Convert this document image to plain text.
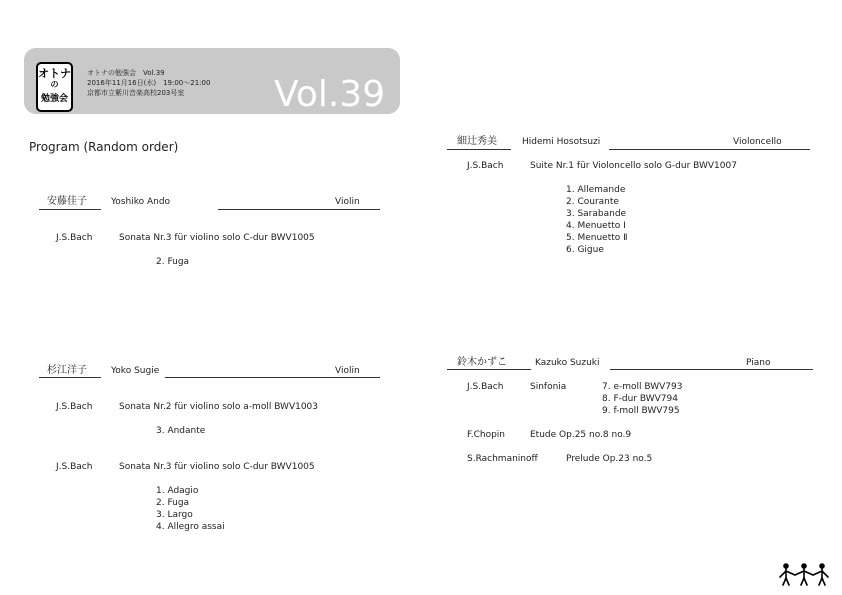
オトナ
の
勉強会
オトナの勉強会　Vol.39
2016年11月16日(水)　19:00～21:00
京都市立紫川音楽高校203号室	Vol.39
Program (Random order)
安藤佳子	Yoshiko Ando	Violin
J.S.Bach	Sonata Nr.3 für violino solo C-dur BWV1005
2. Fuga
杉江洋子	Yoko Sugie	Violin
J.S.Bach	Sonata Nr.2 für violino solo a-moll BWV1003
3. Andante
J.S.Bach	Sonata Nr.3 für violino solo C-dur BWV1005
1. Adagio
2. Fuga
3. Largo
4. Allegro assai
細辻秀美	Hidemi Hosotsuzi	Violoncello
J.S.Bach	Suite Nr.1 für Violoncello solo G-dur BWV1007
1. Allemande
2. Courante
3. Sarabande
4. Menuetto Ⅰ
5. Menuetto Ⅱ
6. Gigue
鈴木かずこ	Kazuko Suzuki	Piano
J.S.Bach	Sinfonia	7. e-moll BWV793
8. F-dur BWV794
9. f-moll BWV795
F.Chopin	Etude Op.25 no.8 no.9
S.Rachmaninoff	Prelude Op.23 no.5
